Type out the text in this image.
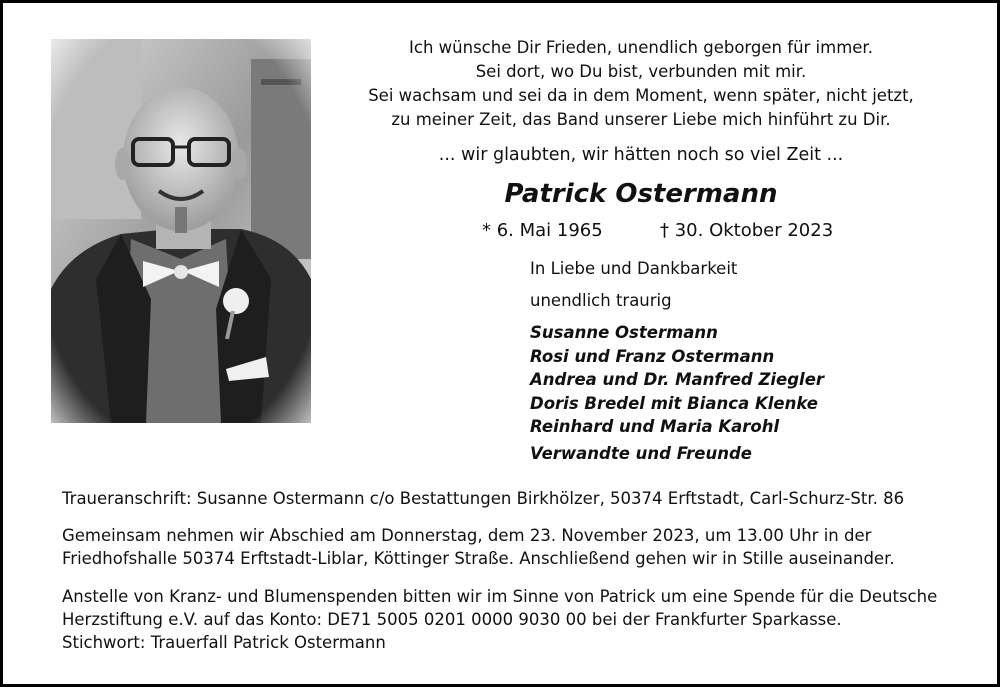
Ich wünsche Dir Frieden, unendlich geborgen für immer.
Sei dort, wo Du bist, verbunden mit mir.
Sei wachsam und sei da in dem Moment, wenn später, nicht jetzt,
zu meiner Zeit, das Band unserer Liebe mich hinführt zu Dir.
... wir glaubten, wir hätten noch so viel Zeit ...
Patrick Ostermann
* 6. Mai 1965	† 30. Oktober 2023
In Liebe und Dankbarkeit
unendlich traurig
Susanne Ostermann
Rosi und Franz Ostermann
Andrea und Dr. Manfred Ziegler
Doris Bredel mit Bianca Klenke
Reinhard und Maria Karohl
Verwandte und Freunde
Traueranschrift: Susanne Ostermann c/o Bestattungen Birkhölzer, 50374 Erftstadt, Carl-Schurz-Str. 86
Gemeinsam nehmen wir Abschied am Donnerstag, dem 23. November 2023, um 13.00 Uhr in der
Friedhofshalle 50374 Erftstadt-Liblar, Köttinger Straße. Anschließend gehen wir in Stille auseinander.
Anstelle von Kranz- und Blumenspenden bitten wir im Sinne von Patrick um eine Spende für die Deutsche
Herzstiftung e.V. auf das Konto: DE71 5005 0201 0000 9030 00 bei der Frankfurter Sparkasse.
Stichwort: Trauerfall Patrick Ostermann
